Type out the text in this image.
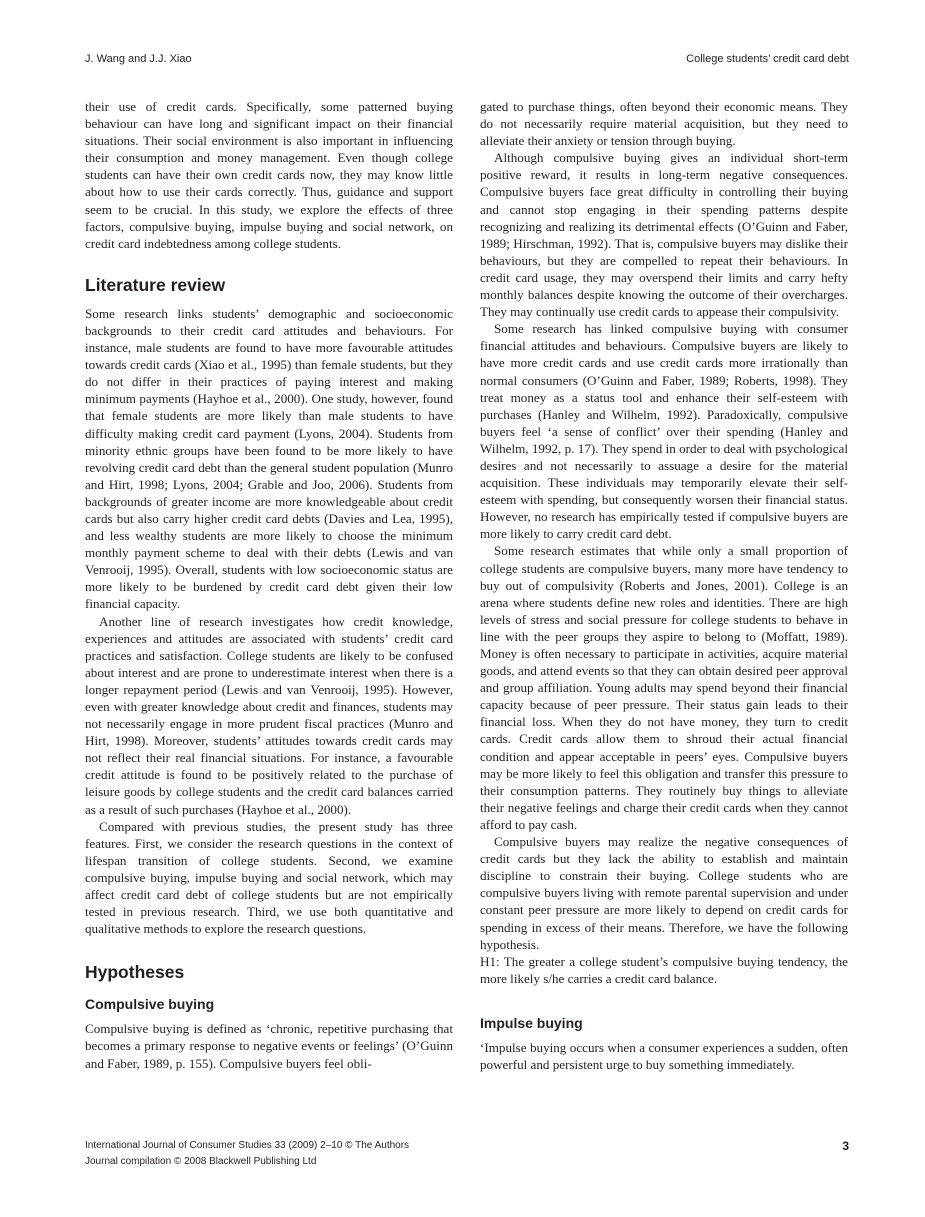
J. Wang and J.J. Xiao	College students’ credit card debt

their use of credit cards. Specifically, some patterned buying behaviour can have long and significant impact on their financial situations. Their social environment is also important in influencing their consumption and money management. Even though college students can have their own credit cards now, they may know little about how to use their cards correctly. Thus, guidance and support seem to be crucial. In this study, we explore the effects of three factors, compulsive buying, impulse buying and social network, on credit card indebtedness among college students.

Literature review

Some research links students’ demographic and socioeconomic backgrounds to their credit card attitudes and behaviours. For instance, male students are found to have more favourable attitudes towards credit cards (Xiao et al., 1995) than female students, but they do not differ in their practices of paying interest and making minimum payments (Hayhoe et al., 2000). One study, however, found that female students are more likely than male students to have difficulty making credit card payment (Lyons, 2004). Students from minority ethnic groups have been found to be more likely to have revolving credit card debt than the general student population (Munro and Hirt, 1998; Lyons, 2004; Grable and Joo, 2006). Students from backgrounds of greater income are more knowledgeable about credit cards but also carry higher credit card debts (Davies and Lea, 1995), and less wealthy students are more likely to choose the minimum monthly payment scheme to deal with their debts (Lewis and van Venrooij, 1995). Overall, students with low socioeconomic status are more likely to be burdened by credit card debt given their low financial capacity.

Another line of research investigates how credit knowledge, experiences and attitudes are associated with students’ credit card practices and satisfaction. College students are likely to be confused about interest and are prone to underestimate interest when there is a longer repayment period (Lewis and van Venrooij, 1995). However, even with greater knowledge about credit and finances, students may not necessarily engage in more prudent fiscal practices (Munro and Hirt, 1998). Moreover, students’ attitudes towards credit cards may not reflect their real financial situations. For instance, a favourable credit attitude is found to be positively related to the purchase of leisure goods by college students and the credit card balances carried as a result of such purchases (Hayhoe et al., 2000).

Compared with previous studies, the present study has three features. First, we consider the research questions in the context of lifespan transition of college students. Second, we examine compulsive buying, impulse buying and social network, which may affect credit card debt of college students but are not empirically tested in previous research. Third, we use both quantitative and qualitative methods to explore the research questions.

Hypotheses
Compulsive buying

Compulsive buying is defined as ‘chronic, repetitive purchasing that becomes a primary response to negative events or feelings’ (O’Guinn and Faber, 1989, p. 155). Compulsive buyers feel obli-

gated to purchase things, often beyond their economic means. They do not necessarily require material acquisition, but they need to alleviate their anxiety or tension through buying.

Although compulsive buying gives an individual short-term positive reward, it results in long-term negative consequences. Compulsive buyers face great difficulty in controlling their buying and cannot stop engaging in their spending patterns despite recognizing and realizing its detrimental effects (O’Guinn and Faber, 1989; Hirschman, 1992). That is, compulsive buyers may dislike their behaviours, but they are compelled to repeat their behaviours. In credit card usage, they may overspend their limits and carry hefty monthly balances despite knowing the outcome of their overcharges. They may continually use credit cards to appease their compulsivity.

Some research has linked compulsive buying with consumer financial attitudes and behaviours. Compulsive buyers are likely to have more credit cards and use credit cards more irrationally than normal consumers (O’Guinn and Faber, 1989; Roberts, 1998). They treat money as a status tool and enhance their self-esteem with purchases (Hanley and Wilhelm, 1992). Paradoxically, compulsive buyers feel ‘a sense of conflict’ over their spending (Hanley and Wilhelm, 1992, p. 17). They spend in order to deal with psychological desires and not necessarily to assuage a desire for the material acquisition. These individuals may temporarily elevate their self-esteem with spending, but consequently worsen their financial status. However, no research has empirically tested if compulsive buyers are more likely to carry credit card debt.

Some research estimates that while only a small proportion of college students are compulsive buyers, many more have tendency to buy out of compulsivity (Roberts and Jones, 2001). College is an arena where students define new roles and identities. There are high levels of stress and social pressure for college students to behave in line with the peer groups they aspire to belong to (Moffatt, 1989). Money is often necessary to participate in activities, acquire material goods, and attend events so that they can obtain desired peer approval and group affiliation. Young adults may spend beyond their financial capacity because of peer pressure. Their status gain leads to their financial loss. When they do not have money, they turn to credit cards. Credit cards allow them to shroud their actual financial condition and appear acceptable in peers’ eyes. Compulsive buyers may be more likely to feel this obligation and transfer this pressure to their consumption patterns. They routinely buy things to alleviate their negative feelings and charge their credit cards when they cannot afford to pay cash.

Compulsive buyers may realize the negative consequences of credit cards but they lack the ability to establish and maintain discipline to constrain their buying. College students who are compulsive buyers living with remote parental supervision and under constant peer pressure are more likely to depend on credit cards for spending in excess of their means. Therefore, we have the following hypothesis.

H1: The greater a college student’s compulsive buying tendency, the more likely s/he carries a credit card balance.

Impulse buying

‘Impulse buying occurs when a consumer experiences a sudden, often powerful and persistent urge to buy something immediately.

International Journal of Consumer Studies 33 (2009) 2–10 © The Authors
Journal compilation © 2008 Blackwell Publishing Ltd
3
